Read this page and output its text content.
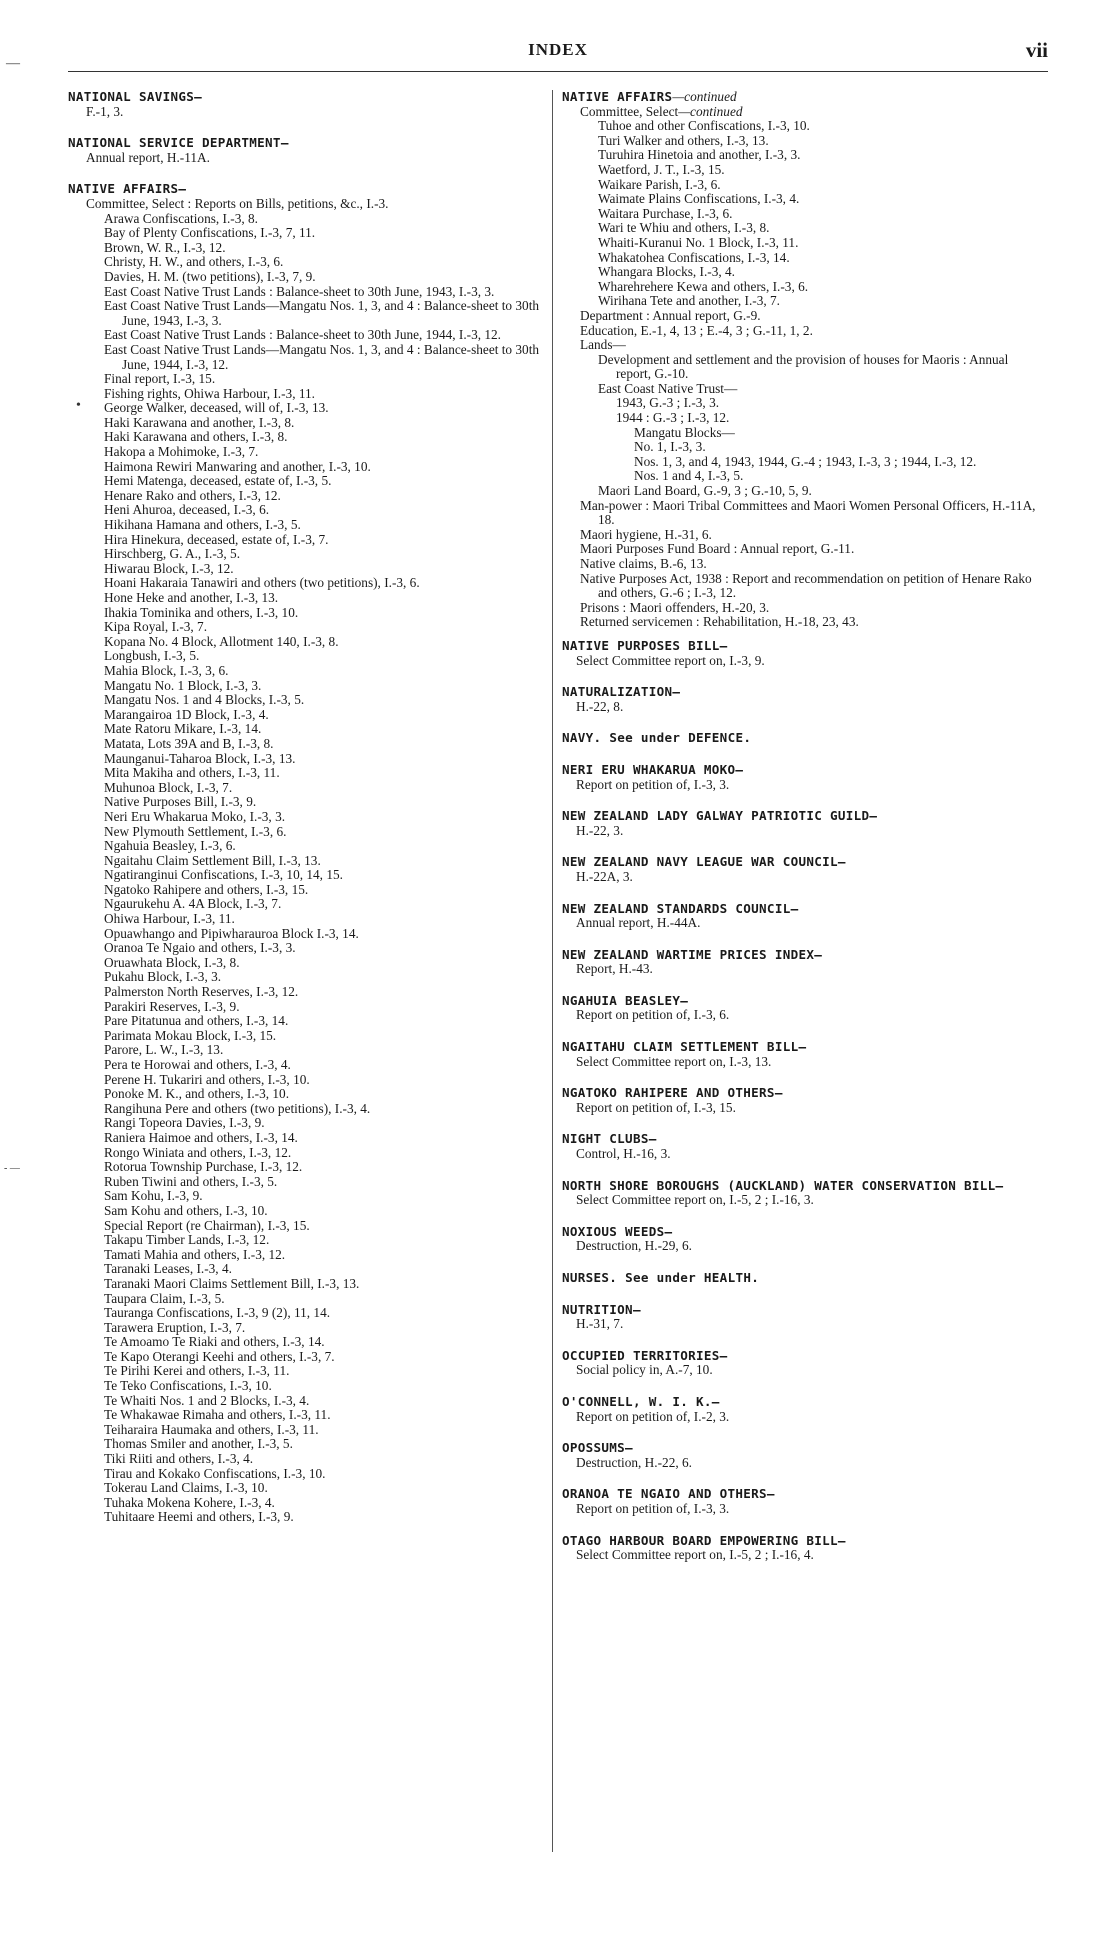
INDEX	vii
—
•
- —
NATIONAL SAVINGS—
F.-1, 3.
NATIONAL SERVICE DEPARTMENT—
Annual report, H.-11A.
NATIVE AFFAIRS—
Committee, Select : Reports on Bills, petitions, &c., I.-3.
Arawa Confiscations, I.-3, 8.
Bay of Plenty Confiscations, I.-3, 7, 11.
Brown, W. R., I.-3, 12.
Christy, H. W., and others, I.-3, 6.
Davies, H. M. (two petitions), I.-3, 7, 9.
East Coast Native Trust Lands : Balance-sheet to 30th June, 1943, I.-3, 3.
East Coast Native Trust Lands—Mangatu Nos. 1, 3, and 4 : Balance-sheet to 30th June, 1943, I.-3, 3.
East Coast Native Trust Lands : Balance-sheet to 30th June, 1944, I.-3, 12.
East Coast Native Trust Lands—Mangatu Nos. 1, 3, and 4 : Balance-sheet to 30th June, 1944, I.-3, 12.
Final report, I.-3, 15.
Fishing rights, Ohiwa Harbour, I.-3, 11.
George Walker, deceased, will of, I.-3, 13.
Haki Karawana and another, I.-3, 8.
Haki Karawana and others, I.-3, 8.
Hakopa a Mohimoke, I.-3, 7.
Haimona Rewiri Manwaring and another, I.-3, 10.
Hemi Matenga, deceased, estate of, I.-3, 5.
Henare Rako and others, I.-3, 12.
Heni Ahuroa, deceased, I.-3, 6.
Hikihana Hamana and others, I.-3, 5.
Hira Hinekura, deceased, estate of, I.-3, 7.
Hirschberg, G. A., I.-3, 5.
Hiwarau Block, I.-3, 12.
Hoani Hakaraia Tanawiri and others (two petitions), I.-3, 6.
Hone Heke and another, I.-3, 13.
Ihakia Tominika and others, I.-3, 10.
Kipa Royal, I.-3, 7.
Kopana No. 4 Block, Allotment 140, I.-3, 8.
Longbush, I.-3, 5.
Mahia Block, I.-3, 3, 6.
Mangatu No. 1 Block, I.-3, 3.
Mangatu Nos. 1 and 4 Blocks, I.-3, 5.
Marangairoa 1D Block, I.-3, 4.
Mate Ratoru Mikare, I.-3, 14.
Matata, Lots 39A and B, I.-3, 8.
Maunganui-Taharoa Block, I.-3, 13.
Mita Makiha and others, I.-3, 11.
Muhunoa Block, I.-3, 7.
Native Purposes Bill, I.-3, 9.
Neri Eru Whakarua Moko, I.-3, 3.
New Plymouth Settlement, I.-3, 6.
Ngahuia Beasley, I.-3, 6.
Ngaitahu Claim Settlement Bill, I.-3, 13.
Ngatiranginui Confiscations, I.-3, 10, 14, 15.
Ngatoko Rahipere and others, I.-3, 15.
Ngaurukehu A. 4A Block, I.-3, 7.
Ohiwa Harbour, I.-3, 11.
Opuawhango and Pipiwharauroa Block I.-3, 14.
Oranoa Te Ngaio and others, I.-3, 3.
Oruawhata Block, I.-3, 8.
Pukahu Block, I.-3, 3.
Palmerston North Reserves, I.-3, 12.
Parakiri Reserves, I.-3, 9.
Pare Pitatunua and others, I.-3, 14.
Parimata Mokau Block, I.-3, 15.
Parore, L. W., I.-3, 13.
Pera te Horowai and others, I.-3, 4.
Perene H. Tukariri and others, I.-3, 10.
Ponoke M. K., and others, I.-3, 10.
Rangihuna Pere and others (two petitions), I.-3, 4.
Rangi Topeora Davies, I.-3, 9.
Raniera Haimoe and others, I.-3, 14.
Rongo Winiata and others, I.-3, 12.
Rotorua Township Purchase, I.-3, 12.
Ruben Tiwini and others, I.-3, 5.
Sam Kohu, I.-3, 9.
Sam Kohu and others, I.-3, 10.
Special Report (re Chairman), I.-3, 15.
Takapu Timber Lands, I.-3, 12.
Tamati Mahia and others, I.-3, 12.
Taranaki Leases, I.-3, 4.
Taranaki Maori Claims Settlement Bill, I.-3, 13.
Taupara Claim, I.-3, 5.
Tauranga Confiscations, I.-3, 9 (2), 11, 14.
Tarawera Eruption, I.-3, 7.
Te Amoamo Te Riaki and others, I.-3, 14.
Te Kapo Oterangi Keehi and others, I.-3, 7.
Te Pirihi Kerei and others, I.-3, 11.
Te Teko Confiscations, I.-3, 10.
Te Whaiti Nos. 1 and 2 Blocks, I.-3, 4.
Te Whakawae Rimaha and others, I.-3, 11.
Teiharaira Haumaka and others, I.-3, 11.
Thomas Smiler and another, I.-3, 5.
Tiki Riiti and others, I.-3, 4.
Tirau and Kokako Confiscations, I.-3, 10.
Tokerau Land Claims, I.-3, 10.
Tuhaka Mokena Kohere, I.-3, 4.
Tuhitaare Heemi and others, I.-3, 9.
NATIVE AFFAIRS—continued
Committee, Select—continued
Tuhoe and other Confiscations, I.-3, 10.
Turi Walker and others, I.-3, 13.
Turuhira Hinetoia and another, I.-3, 3.
Waetford, J. T., I.-3, 15.
Waikare Parish, I.-3, 6.
Waimate Plains Confiscations, I.-3, 4.
Waitara Purchase, I.-3, 6.
Wari te Whiu and others, I.-3, 8.
Whaiti-Kuranui No. 1 Block, I.-3, 11.
Whakatohea Confiscations, I.-3, 14.
Whangara Blocks, I.-3, 4.
Wharehrehere Kewa and others, I.-3, 6.
Wirihana Tete and another, I.-3, 7.
Department : Annual report, G.-9.
Education, E.-1, 4, 13 ; E.-4, 3 ; G.-11, 1, 2.
Lands—
Development and settlement and the provision of houses for Maoris : Annual report, G.-10.
East Coast Native Trust—
1943, G.-3 ; I.-3, 3.
1944 : G.-3 ; I.-3, 12.
Mangatu Blocks—
No. 1, I.-3, 3.
Nos. 1, 3, and 4, 1943, 1944, G.-4 ; 1943, I.-3, 3 ; 1944, I.-3, 12.
Nos. 1 and 4, I.-3, 5.
Maori Land Board, G.-9, 3 ; G.-10, 5, 9.
Man-power : Maori Tribal Committees and Maori Women Personal Officers, H.-11A, 18.
Maori hygiene, H.-31, 6.
Maori Purposes Fund Board : Annual report, G.-11.
Native claims, B.-6, 13.
Native Purposes Act, 1938 : Report and recommendation on petition of Henare Rako and others, G.-6 ; I.-3, 12.
Prisons : Maori offenders, H.-20, 3.
Returned servicemen : Rehabilitation, H.-18, 23, 43.
NATIVE PURPOSES BILL—
Select Committee report on, I.-3, 9.
NATURALIZATION—
H.-22, 8.
NAVY. See under DEFENCE.
NERI ERU WHAKARUA MOKO—
Report on petition of, I.-3, 3.
NEW ZEALAND LADY GALWAY PATRIOTIC GUILD—
H.-22, 3.
NEW ZEALAND NAVY LEAGUE WAR COUNCIL—
H.-22A, 3.
NEW ZEALAND STANDARDS COUNCIL—
Annual report, H.-44A.
NEW ZEALAND WARTIME PRICES INDEX—
Report, H.-43.
NGAHUIA BEASLEY—
Report on petition of, I.-3, 6.
NGAITAHU CLAIM SETTLEMENT BILL—
Select Committee report on, I.-3, 13.
NGATOKO RAHIPERE AND OTHERS—
Report on petition of, I.-3, 15.
NIGHT CLUBS—
Control, H.-16, 3.
NORTH SHORE BOROUGHS (AUCKLAND) WATER CONSERVATION BILL—
Select Committee report on, I.-5, 2 ; I.-16, 3.
NOXIOUS WEEDS—
Destruction, H.-29, 6.
NURSES. See under HEALTH.
NUTRITION—
H.-31, 7.
OCCUPIED TERRITORIES—
Social policy in, A.-7, 10.
O'CONNELL, W. I. K.—
Report on petition of, I.-2, 3.
OPOSSUMS—
Destruction, H.-22, 6.
ORANOA TE NGAIO AND OTHERS—
Report on petition of, I.-3, 3.
OTAGO HARBOUR BOARD EMPOWERING BILL—
Select Committee report on, I.-5, 2 ; I.-16, 4.
